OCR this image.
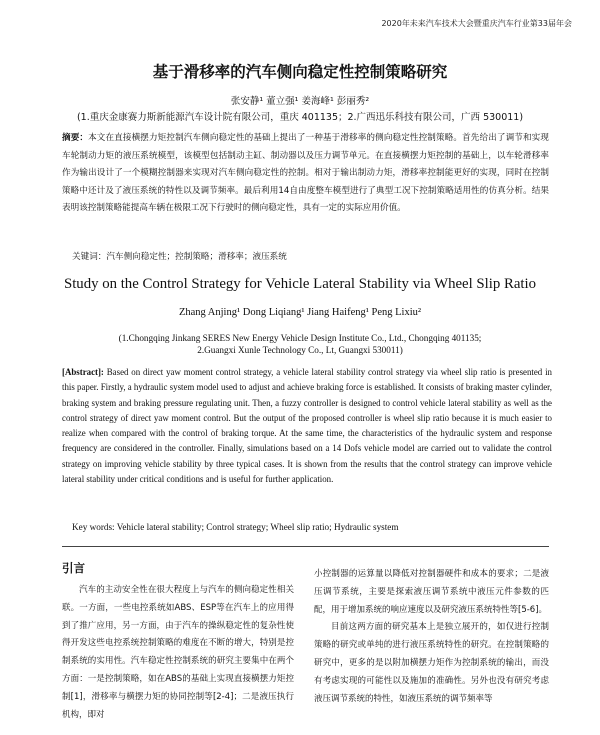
2020年未来汽车技术大会暨重庆汽车行业第33届年会
基于滑移率的汽车侧向稳定性控制策略研究
张安静¹ 董立强¹ 姜海峰¹ 彭丽秀²
(1.重庆金康赛力斯新能源汽车设计院有限公司，重庆 401135；2.广西迅乐科技有限公司，广西 530011)
摘要：本文在直接横摆力矩控制汽车侧向稳定性的基础上提出了一种基于滑移率的侧向稳定性控制策略。首先给出了调节和实现车轮制动力矩的液压系统模型，该模型包括制动主缸、制动器以及压力调节单元。在直接横摆力矩控制的基础上，以车轮滑移率作为输出设计了一个模糊控制器来实现对汽车侧向稳定性的控制。相对于输出制动力矩，滑移率控制能更好的实现，同时在控制策略中还计及了液压系统的特性以及调节频率。最后利用14自由度整车模型进行了典型工况下控制策略适用性的仿真分析。结果表明该控制策略能提高车辆在极限工况下行驶时的侧向稳定性，具有一定的实际应用价值。
关键词：汽车侧向稳定性；控制策略；滑移率；液压系统
Study on the Control Strategy for Vehicle Lateral Stability via Wheel Slip Ratio
Zhang Anjing¹ Dong Liqiang¹ Jiang Haifeng¹ Peng Lixiu²
(1.Chongqing Jinkang SERES New Energy Vehicle Design Institute Co., Ltd., Chongqing 401135;
2.Guangxi Xunle Technology Co., Lt, Guangxi 530011)
[Abstract]: Based on direct yaw moment control strategy, a vehicle lateral stability control strategy via wheel slip ratio is presented in this paper. Firstly, a hydraulic system model used to adjust and achieve braking force is established. It consists of braking master cylinder, braking system and braking pressure regulating unit. Then, a fuzzy controller is designed to control vehicle lateral stability as well as the control strategy of direct yaw moment control. But the output of the proposed controller is wheel slip ratio because it is much easier to realize when compared with the control of braking torque. At the same time, the characteristics of the hydraulic system and response frequency are considered in the controller. Finally, simulations based on a 14 Dofs vehicle model are carried out to validate the control strategy on improving vehicle stability by three typical cases. It is shown from the results that the control strategy can improve vehicle lateral stability under critical conditions and is useful for further application.
Key words: Vehicle lateral stability; Control strategy; Wheel slip ratio; Hydraulic system
引言

汽车的主动安全性在很大程度上与汽车的侧向稳定性相关联。一方面，一些电控系统如ABS、ESP等在汽车上的应用得到了推广应用，另一方面，由于汽车的操纵稳定性的复杂性使得开发这些电控系统控制策略的难度在不断的增大，特别是控制系统的实用性。汽车稳定性控制系统的研究主要集中在两个方面：一是控制策略，如在ABS的基础上实现直接横摆力矩控制[1]，滑移率与横摆力矩的协同控制等[2-4]；二是液压执行机构，即对

小控制器的运算量以降低对控制器硬件和成本的要求；二是液压调节系统，主要是探索液压调节系统中液压元件参数的匹配，用于增加系统的响应速度以及研究液压系统特性等[5-6]。

目前这两方面的研究基本上是独立展开的，如仅进行控制策略的研究或单纯的进行液压系统特性的研究。在控制策略的研究中，更多的是以附加横摆力矩作为控制系统的输出，而没有考虑实现的可能性以及施加的准确性。另外也没有研究考虑液压调节系统的特性，如液压系统的调节频率等
